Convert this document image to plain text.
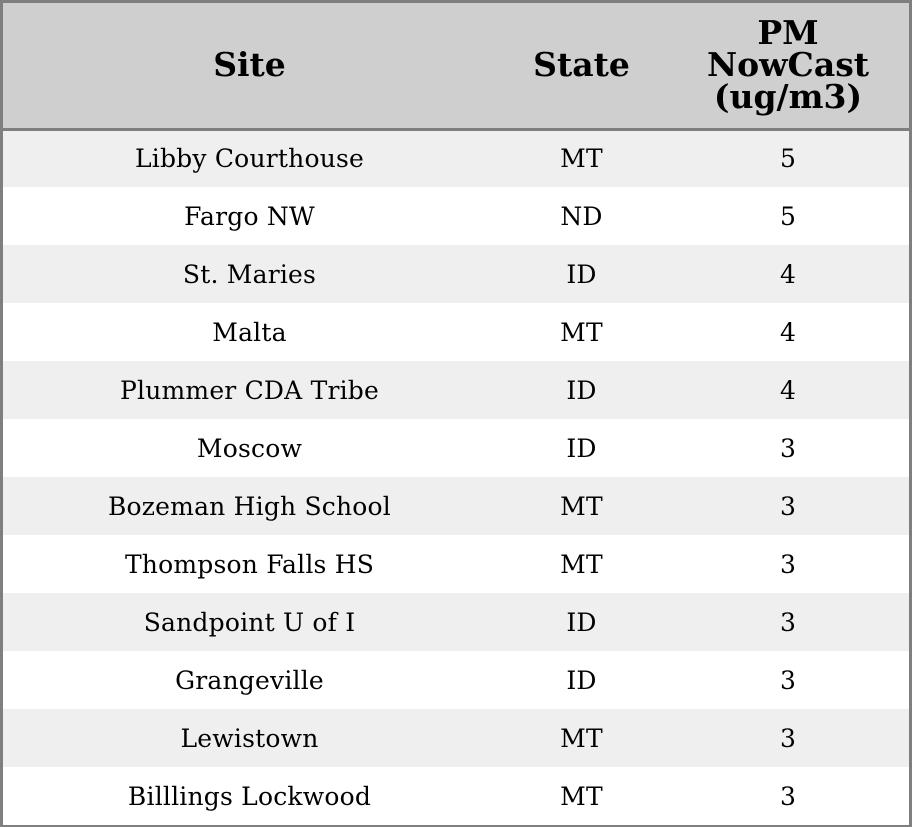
Site	State	PM
NowCast
(ug/m3)

Libby Courthouse	MT	5
Fargo NW	ND	5
St. Maries	ID	4
Malta	MT	4
Plummer CDA Tribe	ID	4
Moscow	ID	3
Bozeman High School	MT	3
Thompson Falls HS	MT	3
Sandpoint U of I	ID	3
Grangeville	ID	3
Lewistown	MT	3
Billlings Lockwood	MT	3
